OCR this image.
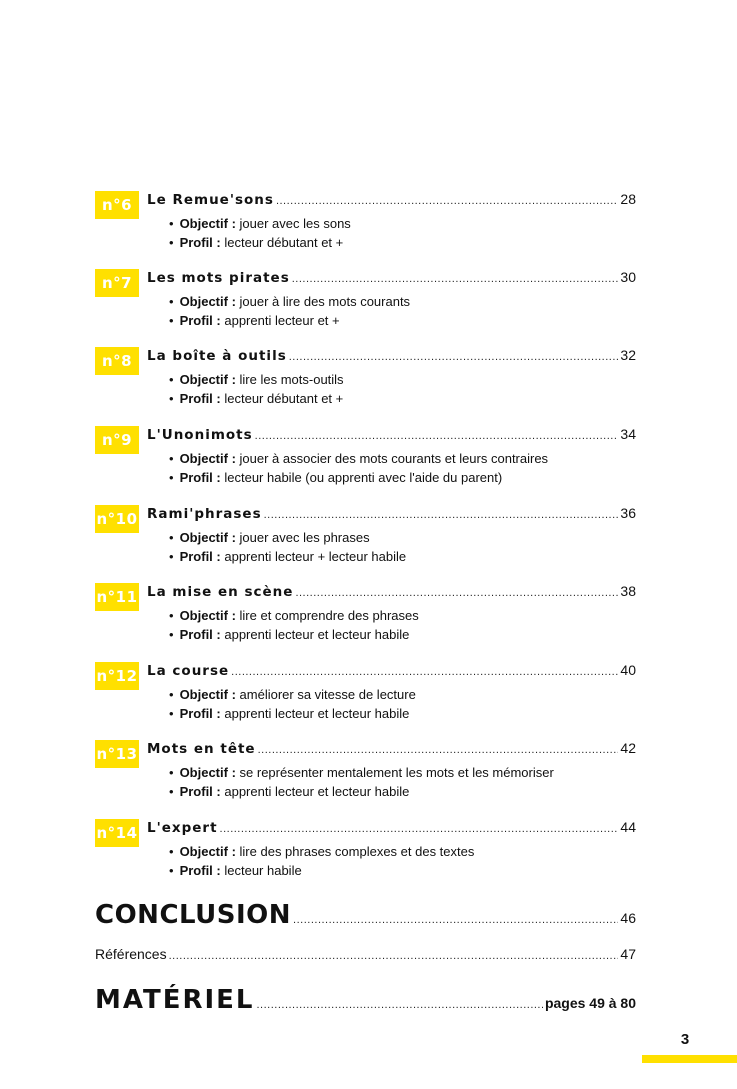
n°6	Le Remue'sons .....	28
• Objectif : jouer avec les sons
• Profil : lecteur débutant et +
n°7	Les mots pirates .....	30
• Objectif : jouer à lire des mots courants
• Profil : apprenti lecteur et +
n°8	La boîte à outils .....	32
• Objectif : lire les mots-outils
• Profil : lecteur débutant et +
n°9	L'Unonimots .....	34
• Objectif : jouer à associer des mots courants et leurs contraires
• Profil : lecteur habile (ou apprenti avec l'aide du parent)
n°10 Rami'phrases .....	36
• Objectif : jouer avec les phrases
• Profil : apprenti lecteur + lecteur habile
n°11 La mise en scène .....	38
• Objectif : lire et comprendre des phrases
• Profil : apprenti lecteur et lecteur habile
n°12 La course .....	40
• Objectif : améliorer sa vitesse de lecture
• Profil : apprenti lecteur et lecteur habile
n°13 Mots en tête .....	42
• Objectif : se représenter mentalement les mots et les mémoriser
• Profil : apprenti lecteur et lecteur habile
n°14 L'expert .....	44
• Objectif : lire des phrases complexes et des textes
• Profil : lecteur habile
CONCLUSION .....	46
Références .....	47
MATÉRIEL .....	pages 49 à 80
3
